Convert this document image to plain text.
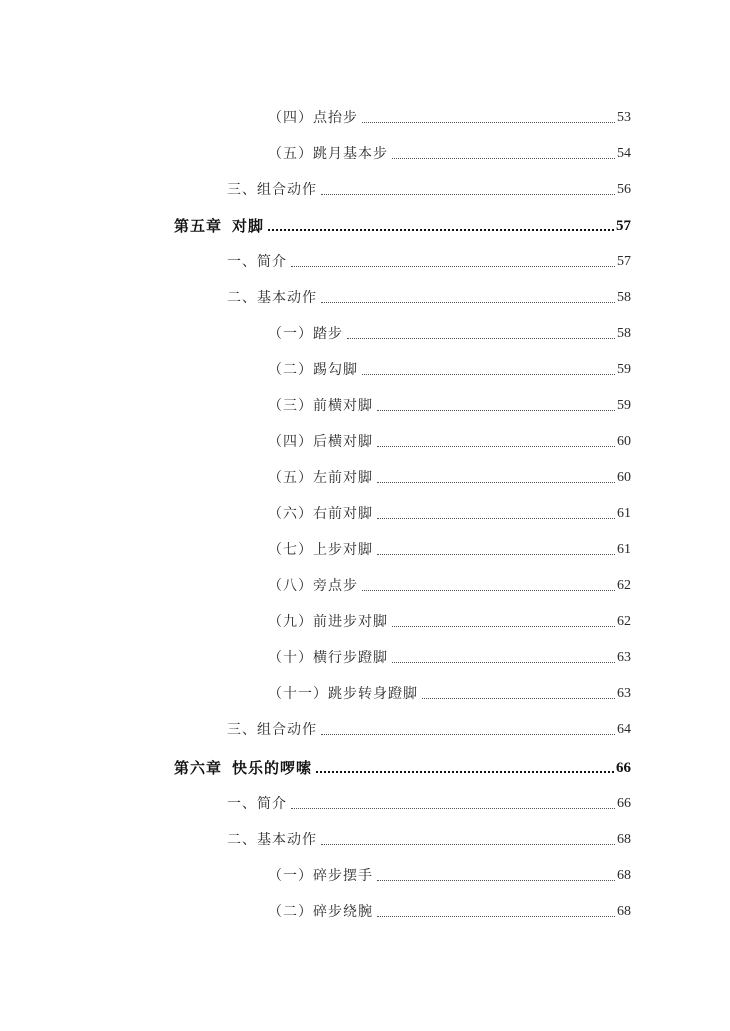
（四）点抬步	53
（五）跳月基本步	54
三、组合动作	56
第五章 对脚	57
一、简介	57
二、基本动作	58
（一）踏步	58
（二）踢勾脚	59
（三）前横对脚	59
（四）后横对脚	60
（五）左前对脚	60
（六）右前对脚	61
（七）上步对脚	61
（八）旁点步	62
（九）前进步对脚	62
（十）横行步蹬脚	63
（十一）跳步转身蹬脚	63
三、组合动作	64
第六章 快乐的啰嗦	66
一、简介	66
二、基本动作	68
（一）碎步摆手	68
（二）碎步绕腕	68
